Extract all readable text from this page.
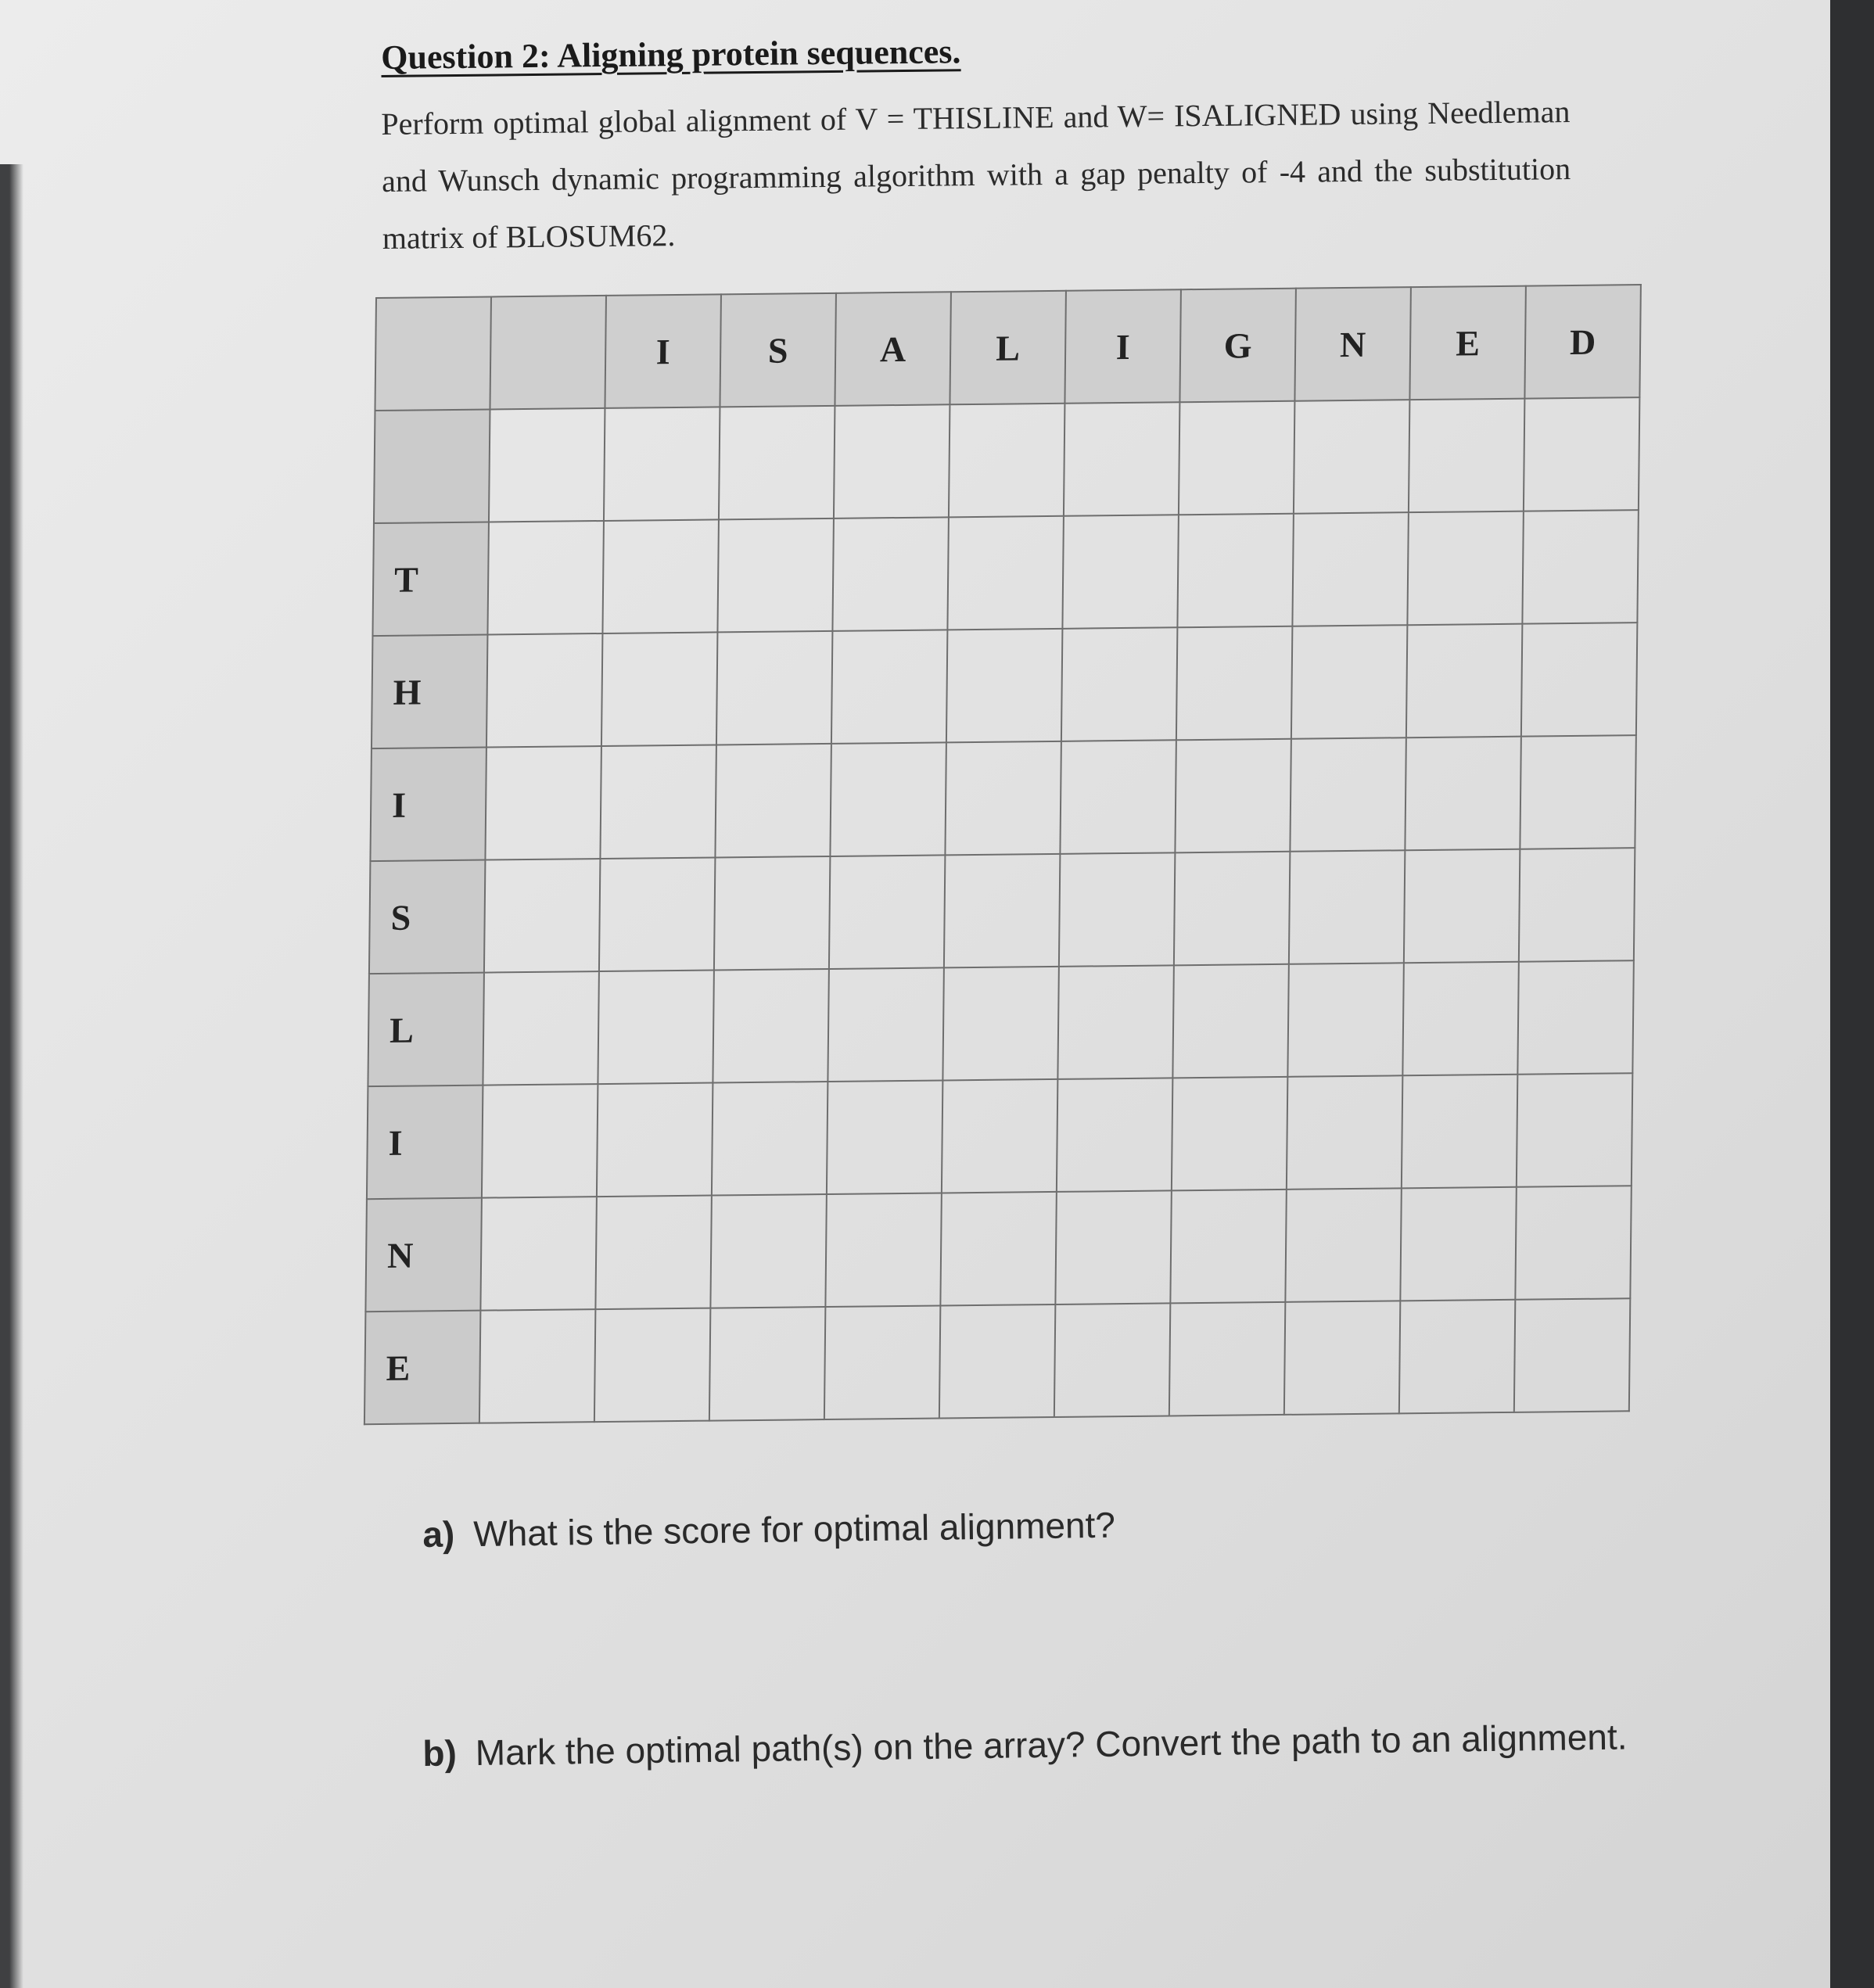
Question 2: Aligning protein sequences.
Perform optimal global alignment of V = THISLINE and W= ISALIGNED using Needleman and Wunsch dynamic programming algorithm with a gap penalty of -4 and the substitution matrix of BLOSUM62.
		I	S	A	L	I	G	N	E	D

T										
H										
I										
S										
L										
I										
N										
E										
a) What is the score for optimal alignment?
b) Mark the optimal path(s) on the array? Convert the path to an alignment.
